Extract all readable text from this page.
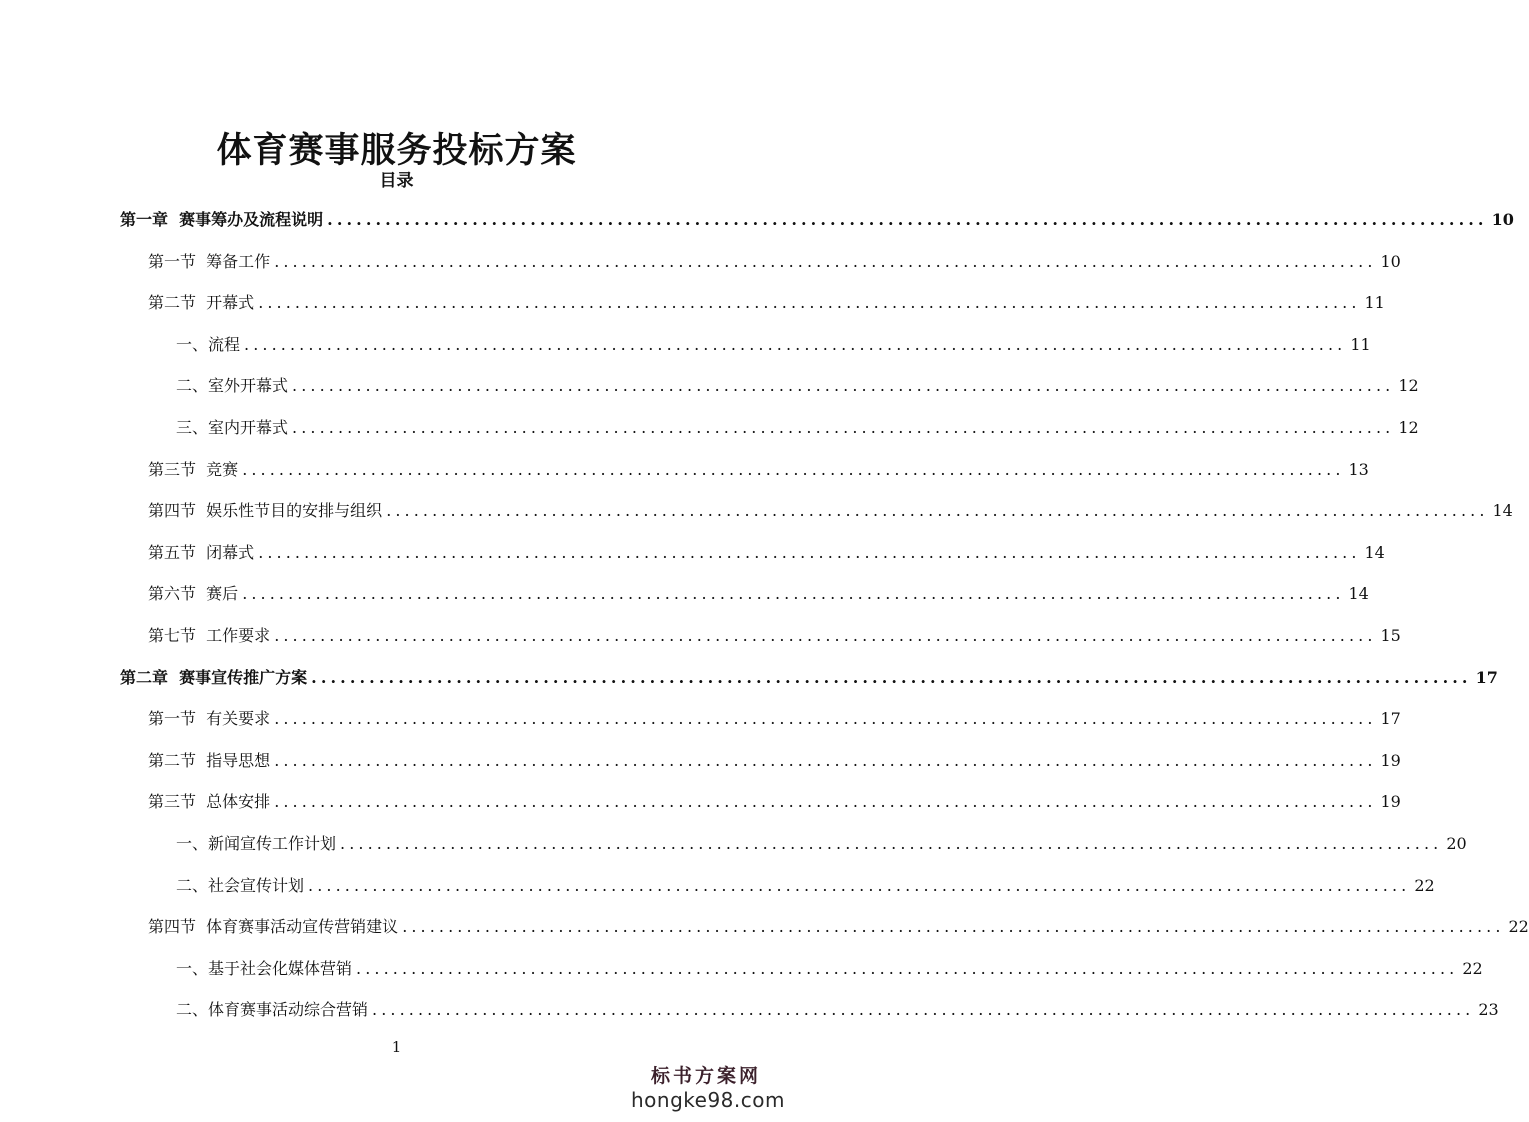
体育赛事服务投标方案
目录
第一章  赛事筹办及流程说明 ........................................................................................................................ 10
第一节  筹备工作 ........................................................................................................................ 10
第二节  开幕式 ........................................................................................................................ 11
一、流程 ........................................................................................................................ 11
二、室外开幕式 ........................................................................................................................ 12
三、室内开幕式 ........................................................................................................................ 12
第三节  竞赛 ........................................................................................................................ 13
第四节  娱乐性节目的安排与组织 ........................................................................................................................ 14
第五节  闭幕式 ........................................................................................................................ 14
第六节  赛后 ........................................................................................................................ 14
第七节  工作要求 ........................................................................................................................ 15
第二章  赛事宣传推广方案 ........................................................................................................................ 17
第一节  有关要求 ........................................................................................................................ 17
第二节  指导思想 ........................................................................................................................ 19
第三节  总体安排 ........................................................................................................................ 19
一、新闻宣传工作计划 ........................................................................................................................ 20
二、社会宣传计划 ........................................................................................................................ 22
第四节  体育赛事活动宣传营销建议 ........................................................................................................................ 22
一、基于社会化媒体营销 ........................................................................................................................ 22
二、体育赛事活动综合营销 ........................................................................................................................ 23
1
标书方案网
hongke98.com
